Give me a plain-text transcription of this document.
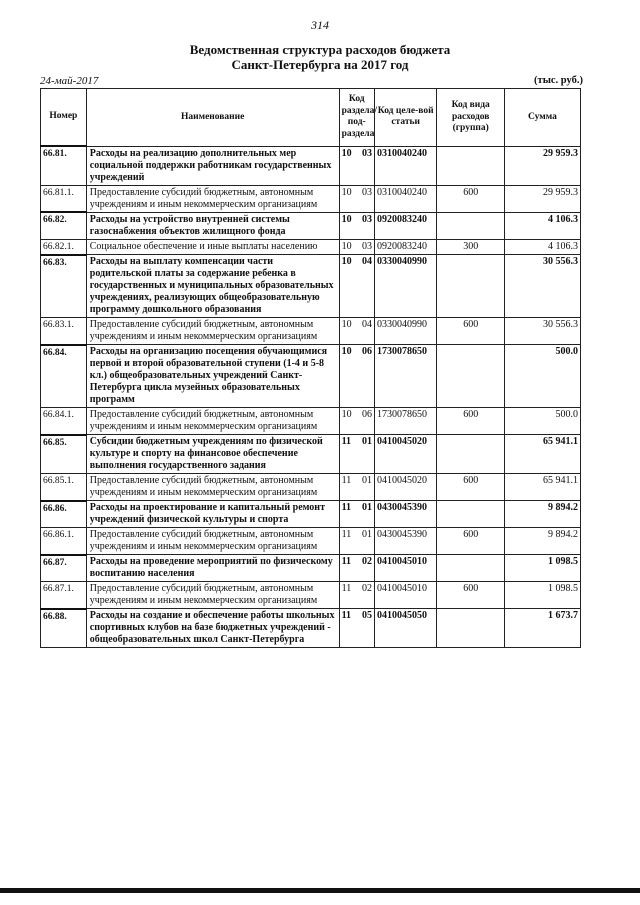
314
Ведомственная структура расходов бюджета
Санкт-Петербурга на 2017 год
24-май-2017	(тыс. руб.)
Номер	Наименование	Код раздела/ под-раздела		Код целе-вой статьи	Код вида расходов (группа)	Сумма
66.81.	Расходы на реализацию дополнительных мер социальной поддержки работникам государственных учреждений	10	03	0310040240		29 959.3
66.81.1.	Предоставление субсидий бюджетным, автономным учреждениям и иным некоммерческим организациям	10	03	0310040240	600	29 959.3
66.82.	Расходы на устройство внутренней системы газоснабжения объектов жилищного фонда	10	03	0920083240		4 106.3
66.82.1.	Социальное обеспечение и иные выплаты населению	10	03	0920083240	300	4 106.3
66.83.	Расходы на выплату компенсации части родительской платы за содержание ребенка в государственных и муниципальных образовательных учреждениях, реализующих общеобразовательную программу дошкольного образования	10	04	0330040990		30 556.3
66.83.1.	Предоставление субсидий бюджетным, автономным учреждениям и иным некоммерческим организациям	10	04	0330040990	600	30 556.3
66.84.	Расходы на организацию посещения обучающимися первой и второй образовательной ступени (1-4 и 5-8 кл.) общеобразовательных учреждений Санкт-Петербурга цикла музейных образовательных программ	10	06	1730078650		500.0
66.84.1.	Предоставление субсидий бюджетным, автономным учреждениям и иным некоммерческим организациям	10	06	1730078650	600	500.0
66.85.	Субсидии бюджетным учреждениям по физической культуре и спорту на финансовое обеспечение выполнения государственного задания	11	01	0410045020		65 941.1
66.85.1.	Предоставление субсидий бюджетным, автономным учреждениям и иным некоммерческим организациям	11	01	0410045020	600	65 941.1
66.86.	Расходы на проектирование и капитальный ремонт учреждений физической культуры и спорта	11	01	0430045390		9 894.2
66.86.1.	Предоставление субсидий бюджетным, автономным учреждениям и иным некоммерческим организациям	11	01	0430045390	600	9 894.2
66.87.	Расходы на проведение мероприятий по физическому воспитанию населения	11	02	0410045010		1 098.5
66.87.1.	Предоставление субсидий бюджетным, автономным учреждениям и иным некоммерческим организациям	11	02	0410045010	600	1 098.5
66.88.	Расходы на создание и обеспечение работы школьных спортивных клубов на базе бюджетных учреждений - общеобразовательных школ Санкт-Петербурга	11	05	0410045050		1 673.7
